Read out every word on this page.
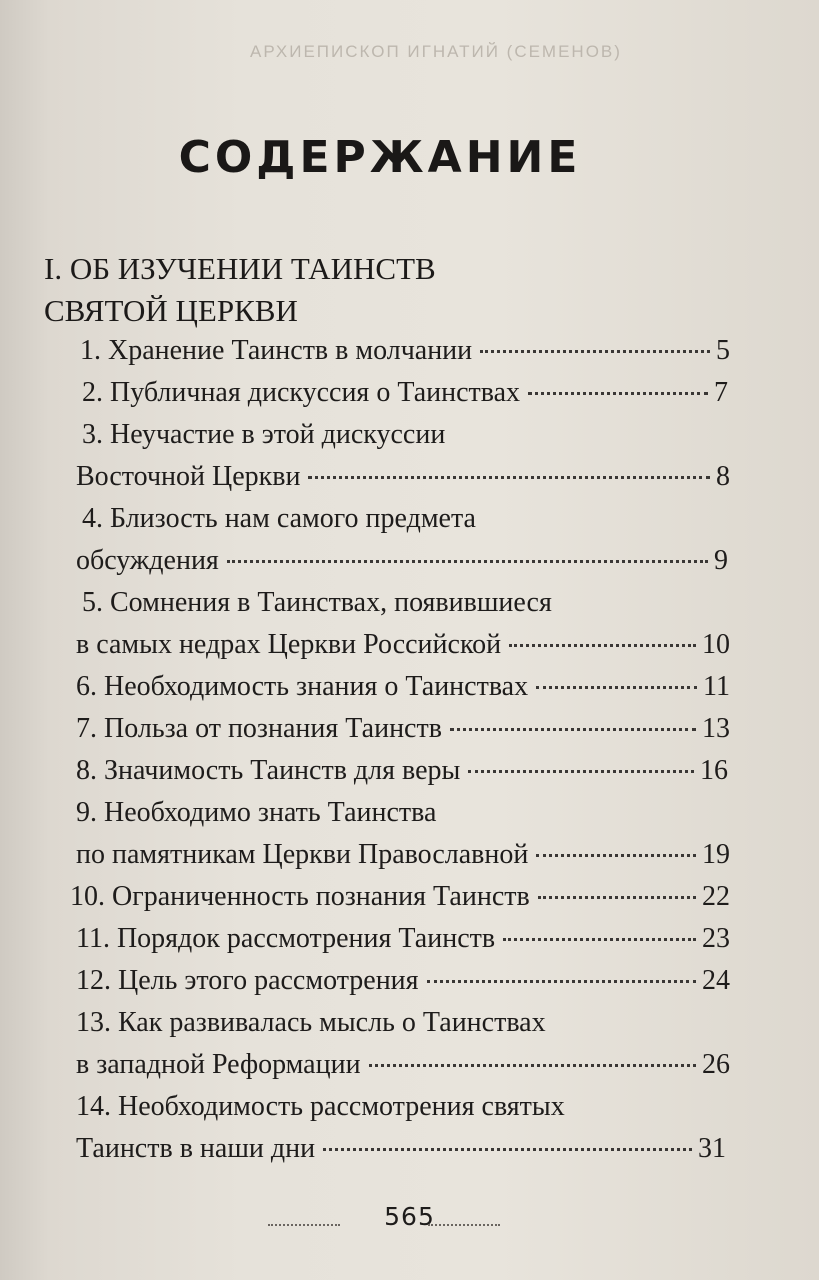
АРХИЕПИСКОП ИГНАТИЙ (СЕМЕНОВ)
СОДЕРЖАНИЕ
I. ОБ ИЗУЧЕНИИ ТАИНСТВ
СВЯТОЙ ЦЕРКВИ
1. Хранение Таинств в молчании	5
2. Публичная дискуссия о Таинствах	7
3. Неучастие в этой дискуссии
Восточной Церкви	8
4. Близость нам самого предмета
обсуждения	9
5. Сомнения в Таинствах, появившиеся
в самых недрах Церкви Российской	10
6. Необходимость знания о Таинствах	11
7. Польза от познания Таинств	13
8. Значимость Таинств для веры	16
9. Необходимо знать Таинства
по памятникам Церкви Православной	19
10. Ограниченность познания Таинств	22
11. Порядок рассмотрения Таинств	23
12. Цель этого рассмотрения	24
13. Как развивалась мысль о Таинствах
в западной Реформации	26
14. Необходимость рассмотрения святых
Таинств в наши дни	31
565
